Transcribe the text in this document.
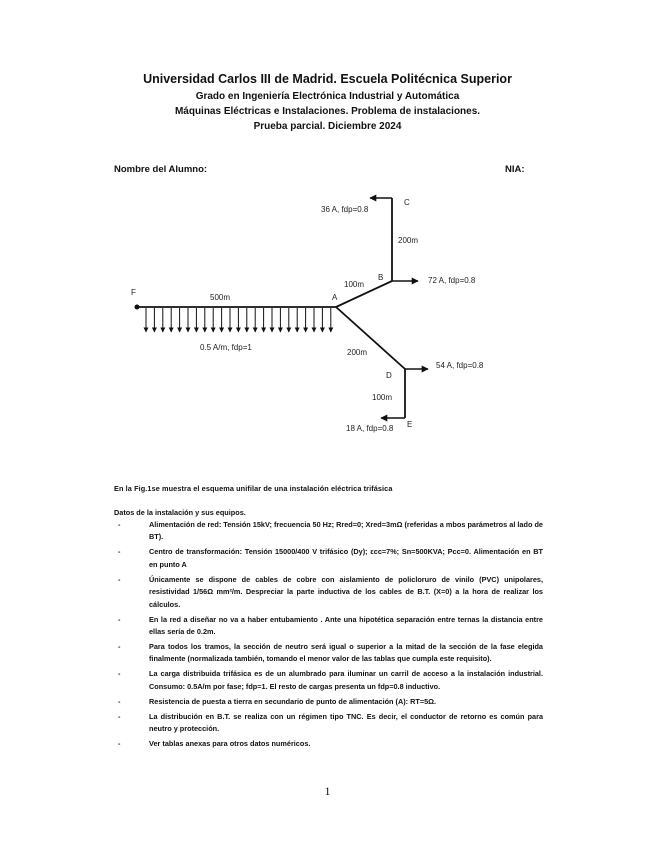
Universidad Carlos III de Madrid. Escuela Politécnica Superior
Grado en Ingeniería Electrónica Industrial y Automática
Máquinas Eléctricas e Instalaciones. Problema de instalaciones.
Prueba parcial. Diciembre 2024
Nombre del Alumno:	NIA:
F
A
B
C
D
E
500m
100m
200m
200m
100m
36 A, fdp=0.8
72 A, fdp=0.8
54 A, fdp=0.8
18 A, fdp=0.8
0.5 A/m, fdp=1
En la Fig.1se muestra el esquema unifilar de una instalación eléctrica trifásica
Datos de la instalación y sus equipos.
- Alimentación de red: Tensión 15kV; frecuencia 50 Hz; Rred=0; Xred=3mΩ (referidas a mbos parámetros al lado de BT).
- Centro de transformación: Tensión 15000/400 V trifásico (Dy); εcc=7%; Sn=500KVA; Pcc=0. Alimentación en BT en punto A
- Únicamente se dispone de cables de cobre con aislamiento de policloruro de vinilo (PVC) unipolares, resistividad 1/56Ω mm²/m. Despreciar la parte inductiva de los cables de B.T. (X=0) a la hora de realizar los cálculos.
- En la red a diseñar no va a haber entubamiento . Ante una hipotética separación entre ternas la distancia entre ellas sería de 0.2m.
- Para todos los tramos, la sección de neutro será igual o superior a la mitad de la sección de la fase elegida finalmente (normalizada también, tomando el menor valor de las tablas que cumpla este requisito).
- La carga distribuida trifásica es de un alumbrado para iluminar un carril de acceso a la instalación industrial. Consumo: 0.5A/m por fase; fdp=1. El resto de cargas presenta un fdp=0.8 inductivo.
- Resistencia de puesta a tierra en secundario de punto de alimentación (A): RT=5Ω.
- La distribución en B.T. se realiza con un régimen tipo TNC. Es decir, el conductor de retorno es común para neutro y protección.
- Ver tablas anexas para otros datos numéricos.
1
